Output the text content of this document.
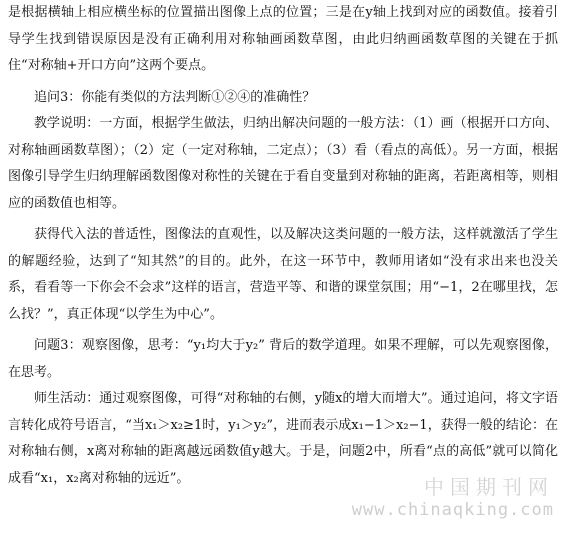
是根据横轴上相应横坐标的位置描出图像上点的位置；三是在y轴上找到对应的函数值。接着引导学生找到错误原因是没有正确利用对称轴画函数草图，由此归纳画函数草图的关键在于抓住“对称轴+开口方向”这两个要点。

追问3：你能有类似的方法判断①②④的准确性？

教学说明：一方面，根据学生做法，归纳出解决问题的一般方法：（1）画（根据开口方向、对称轴画函数草图）；（2）定（一定对称轴，二定点）；（3）看（看点的高低）。另一方面，根据图像引导学生归纳理解函数图像对称性的关键在于看自变量到对称轴的距离，若距离相等，则相应的函数值也相等。

获得代入法的普适性，图像法的直观性，以及解决这类问题的一般方法，这样就激活了学生的解题经验，达到了“知其然”的目的。此外，在这一环节中，教师用诸如“没有求出来也没关系，看看等一下你会不会求”这样的语言，营造平等、和谐的课堂氛围；用“−1，2在哪里找，怎么找？”，真正体现“以学生为中心”。

问题3：观察图像，思考：“y₁均大于y₂” 背后的数学道理。如果不理解，可以先观察图像，在思考。

师生活动：通过观察图像，可得“对称轴的右侧，y随x的增大而增大”。通过追问，将文字语言转化成符号语言，“当x₁＞x₂≥1时，y₁＞y₂”，进而表示成x₁−1＞x₂−1，获得一般的结论：在对称轴右侧，x离对称轴的距离越远函数值y越大。于是，问题2中，所看“点的高低”就可以简化成看“x₁，x₂离对称轴的远近”。	中国期刊网
www.chinaqking.com
